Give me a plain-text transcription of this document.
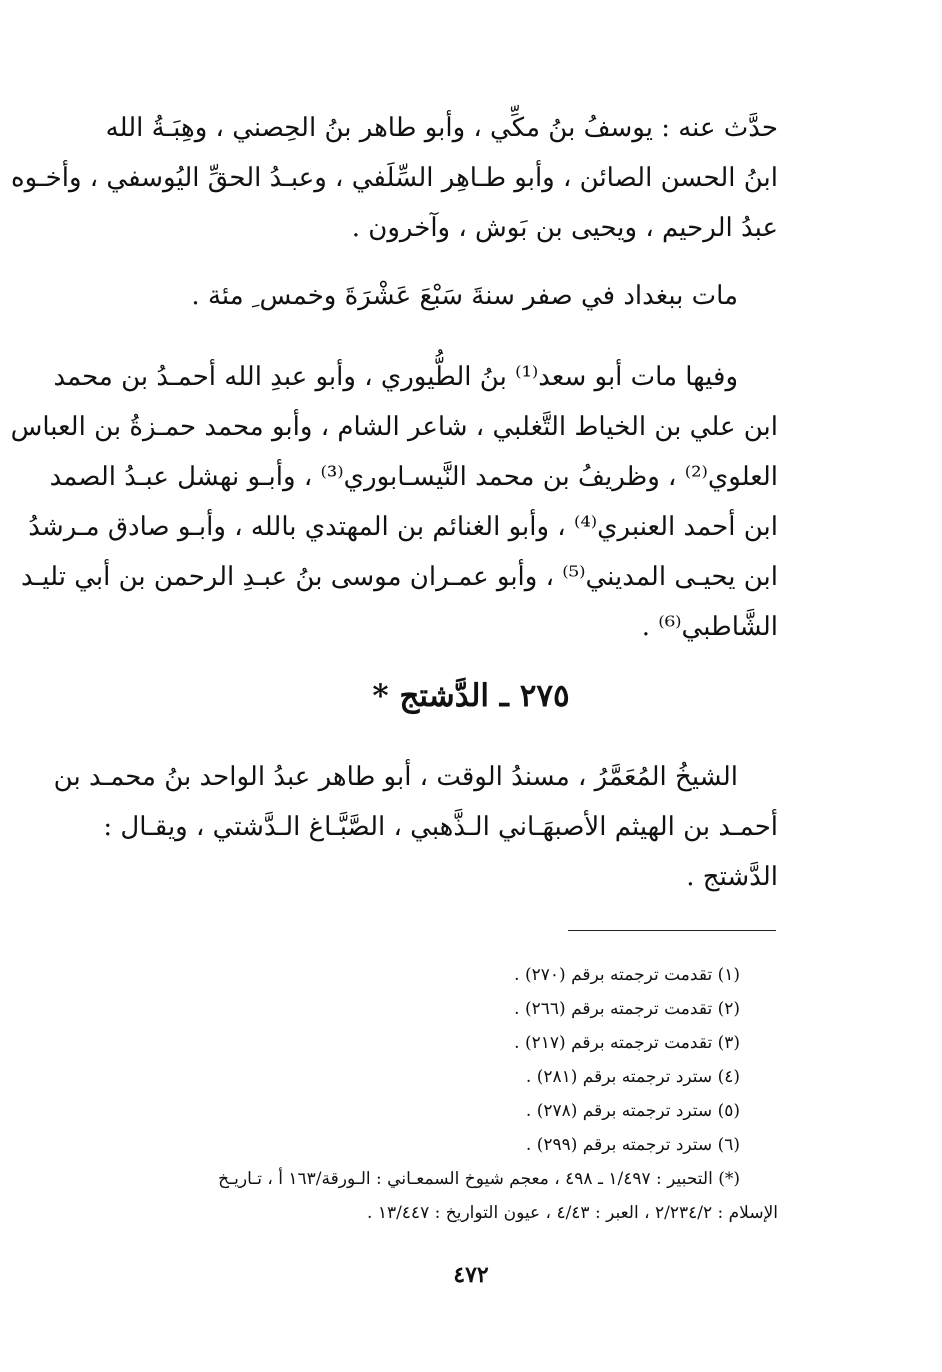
حدَّث عنه : يوسفُ بنُ مكِّي ، وأبو طاهر بنُ الحِصني ، وهِبَـةُ الله
ابنُ الحسن الصائن ، وأبو طـاهِر السِّلَفي ، وعبـدُ الحقِّ اليُوسفي ، وأخـوه
عبدُ الرحيم ، ويحيى بن بَوش ، وآخرون .
مات ببغداد في صفر سنةَ سَبْعَ عَشْرَةَ وخمس ِ مئة .
وفيها مات أبو سعد⁽¹⁾ بنُ الطُّيوري ، وأبو عبدِ الله أحمـدُ بن محمد
ابن علي بن الخياط التَّغلبي ، شاعر الشام ، وأبو محمد حمـزةُ بن العباس
العلوي⁽²⁾ ، وظريفُ بن محمد النَّيسـابوري⁽³⁾ ، وأبـو نهشل عبـدُ الصمد
ابن أحمد العنبري⁽⁴⁾ ، وأبو الغنائم بن المهتدي بالله ، وأبـو صادق مـرشدُ
ابن يحيـى المديني⁽⁵⁾ ، وأبو عمـران موسى بنُ عبـدِ الرحمن بن أبي تليـد
الشَّاطبي⁽⁶⁾ .
٢٧٥ ـ الدَّشتج *
الشيخُ المُعَمَّرُ ، مسندُ الوقت ، أبو طاهر عبدُ الواحد بنُ محمـد بن
أحمـد بن الهيثم الأصبهَـاني الـذَّهبي ، الصَّبَّـاغ الـدَّشتي ، ويقـال :
الدَّشتج .
(١) تقدمت ترجمته برقم (٢٧٠) .
(٢) تقدمت ترجمته برقم (٢٦٦) .
(٣) تقدمت ترجمته برقم (٢١٧) .
(٤) سترد ترجمته برقم (٢٨١) .
(٥) سترد ترجمته برقم (٢٧٨) .
(٦) سترد ترجمته برقم (٢٩٩) .
(*) التحبير : ١/٤٩٧ ـ ٤٩٨ ، معجم شيوخ السمعـاني : الـورقة/١٦٣ أ ، تـاريـخ
الإسلام : ٢/٢٣٤/٢ ، العبر : ٤/٤٣ ، عيون التواريخ : ١٣/٤٤٧ .
٤٧٢
